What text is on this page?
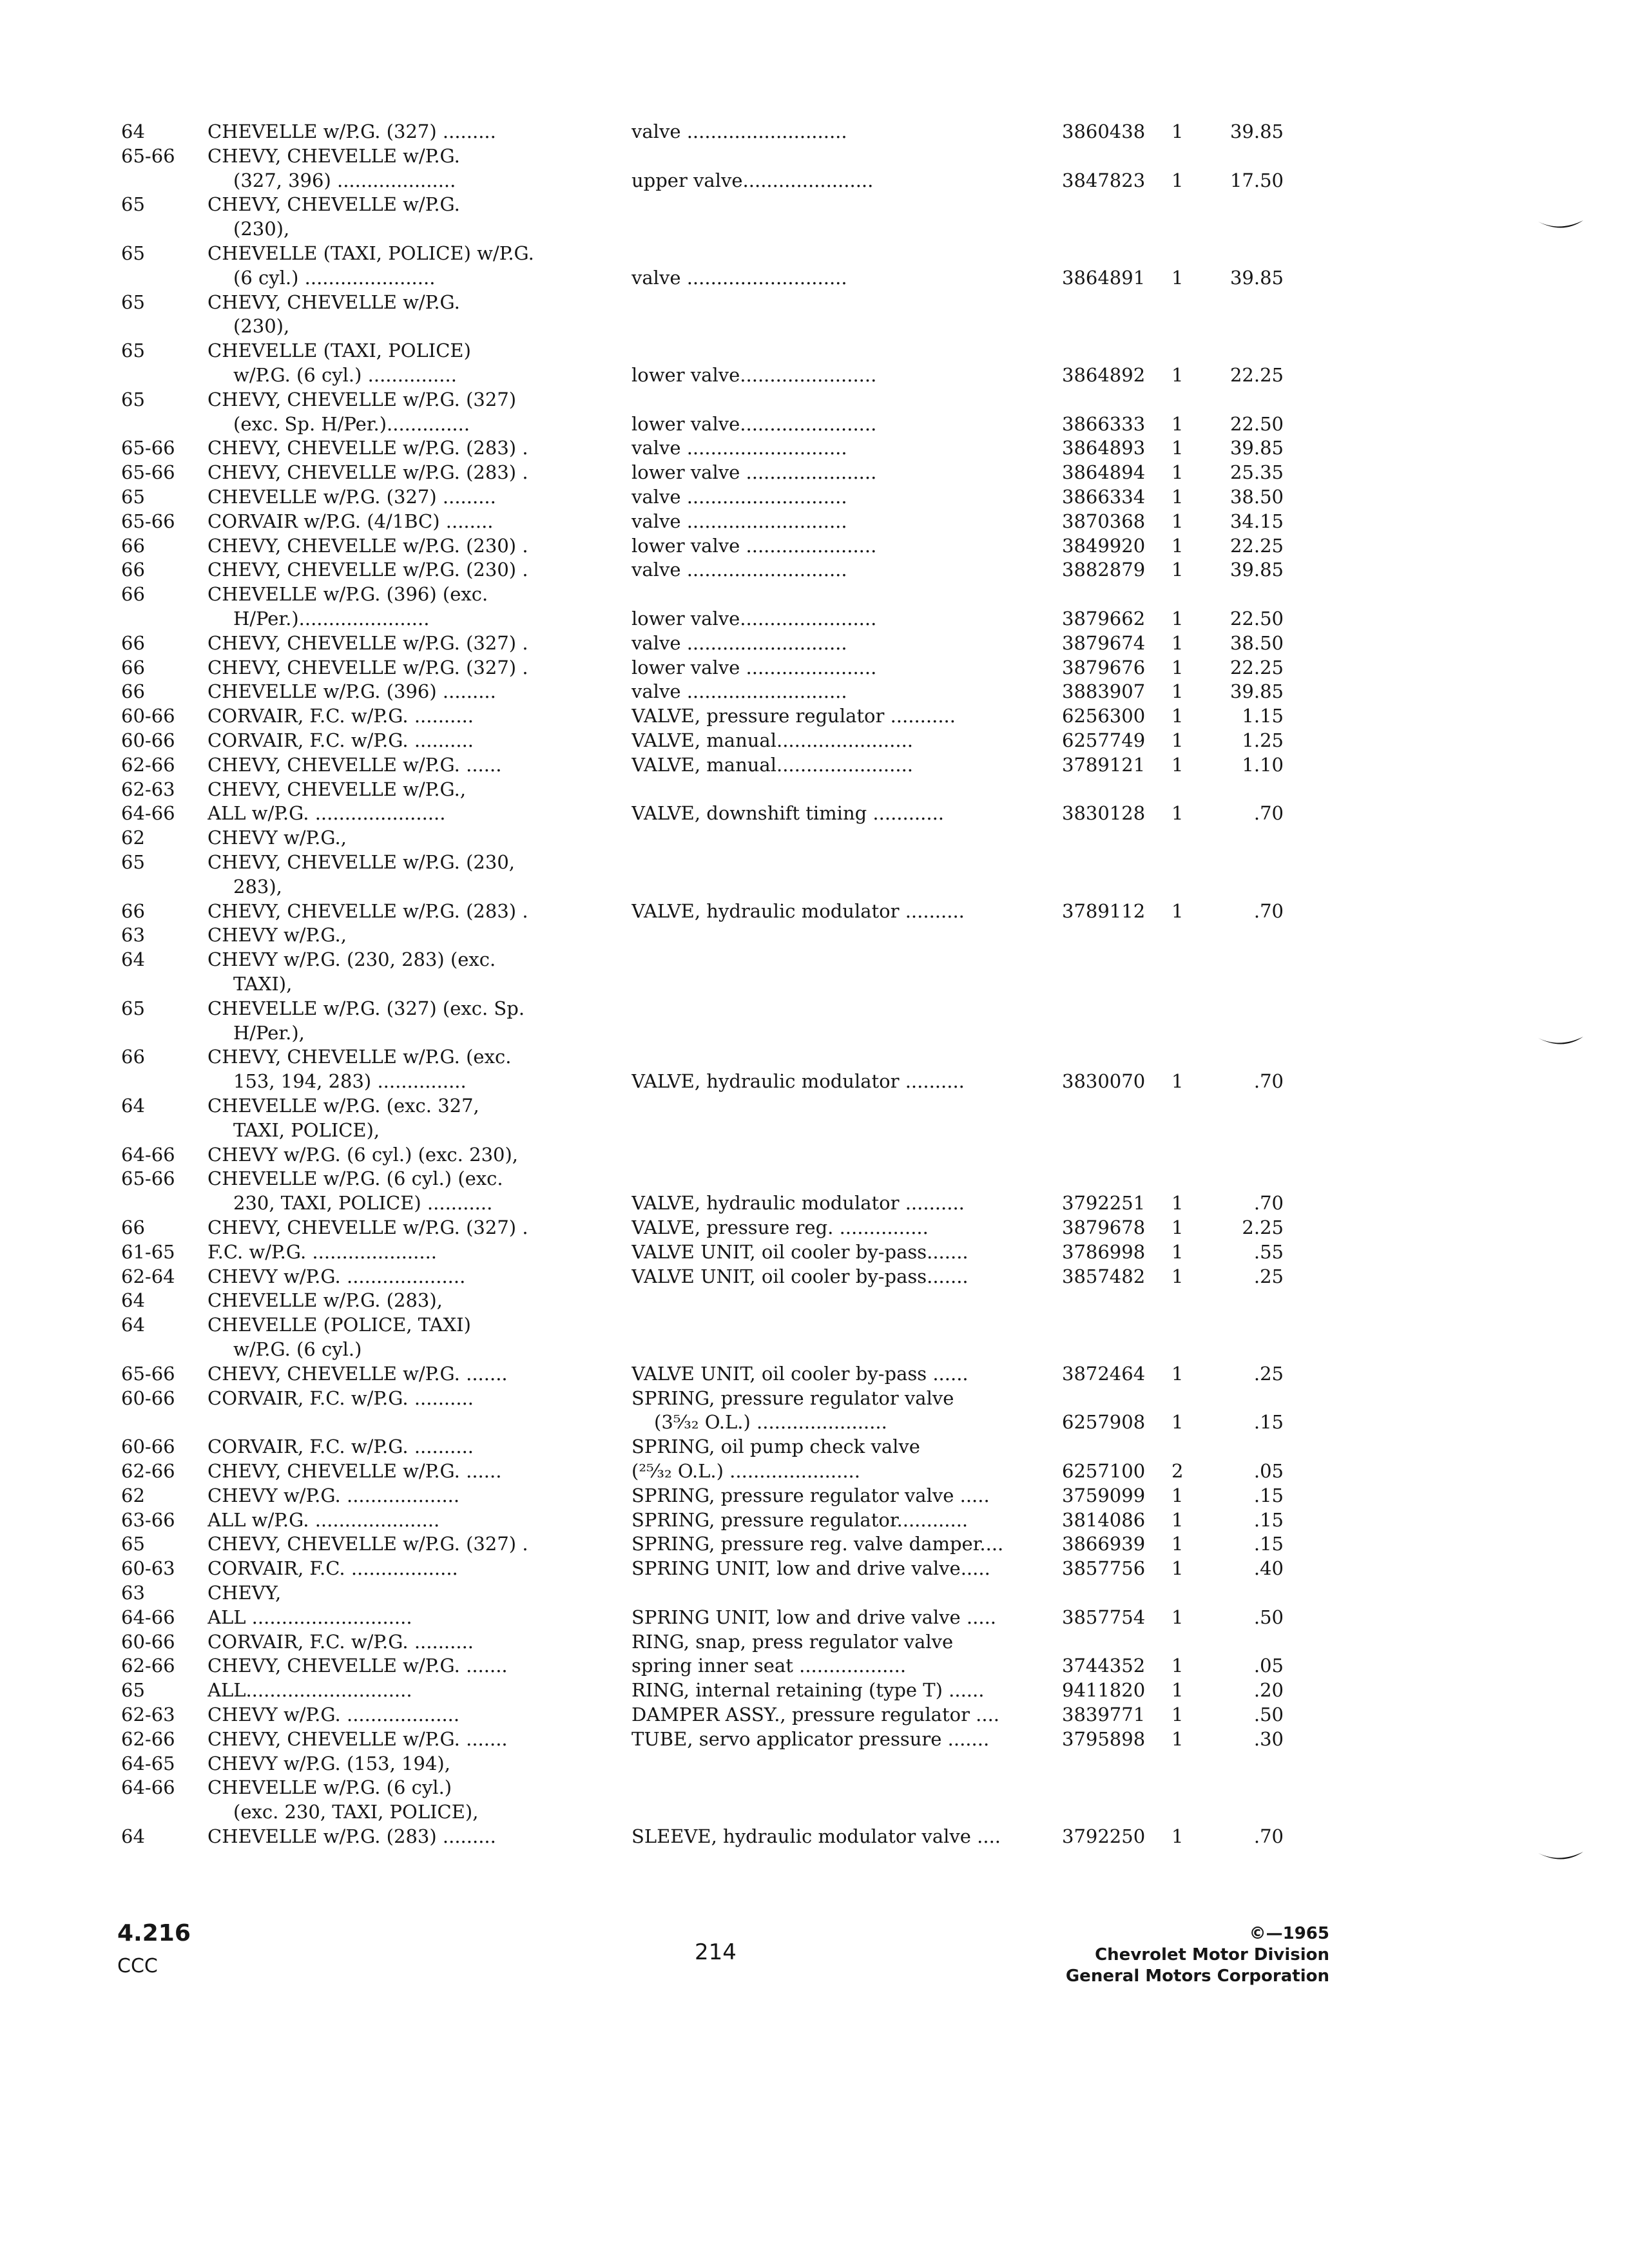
64	CHEVELLE w/P.G. (327) .........	valve ...........................	3860438 1	39.85
65-66 CHEVY, CHEVELLE w/P.G.
(327, 396) ....................	upper valve......................	3847823 1	17.50
65	CHEVY, CHEVELLE w/P.G.
(230),
65	CHEVELLE (TAXI, POLICE) w/P.G.
(6 cyl.) ......................	valve ...........................	3864891 1	39.85
65	CHEVY, CHEVELLE w/P.G.
(230),
65	CHEVELLE (TAXI, POLICE)
w/P.G. (6 cyl.) ...............	lower valve.......................	3864892 1	22.25
65	CHEVY, CHEVELLE w/P.G. (327)
(exc. Sp. H/Per.)..............	lower valve.......................	3866333 1	22.50
65-66 CHEVY, CHEVELLE w/P.G. (283) .	valve ...........................	3864893 1	39.85
65-66 CHEVY, CHEVELLE w/P.G. (283) .	lower valve ......................	3864894 1	25.35
65	CHEVELLE w/P.G. (327) .........	valve ...........................	3866334 1	38.50
65-66 CORVAIR w/P.G. (4/1BC) ........	valve ...........................	3870368 1	34.15
66	CHEVY, CHEVELLE w/P.G. (230) .	lower valve ......................	3849920 1	22.25
66	CHEVY, CHEVELLE w/P.G. (230) .	valve ...........................	3882879 1	39.85
66	CHEVELLE w/P.G. (396) (exc.
H/Per.)......................	lower valve.......................	3879662 1	22.50
66	CHEVY, CHEVELLE w/P.G. (327) .	valve ...........................	3879674 1	38.50
66	CHEVY, CHEVELLE w/P.G. (327) .	lower valve ......................	3879676 1	22.25
66	CHEVELLE w/P.G. (396) .........	valve ...........................	3883907 1	39.85
60-66 CORVAIR, F.C. w/P.G. ..........	VALVE, pressure regulator ...........	6256300 1	1.15
60-66 CORVAIR, F.C. w/P.G. ..........	VALVE, manual.......................	6257749 1	1.25
62-66 CHEVY, CHEVELLE w/P.G. ......	VALVE, manual.......................	3789121 1	1.10
62-63 CHEVY, CHEVELLE w/P.G.,
64-66 ALL w/P.G. ......................	VALVE, downshift timing ............	3830128 1	.70
62	CHEVY w/P.G.,
65	CHEVY, CHEVELLE w/P.G. (230,
283),
66	CHEVY, CHEVELLE w/P.G. (283) .	VALVE, hydraulic modulator ..........	3789112 1	.70
63	CHEVY w/P.G.,
64	CHEVY w/P.G. (230, 283) (exc.
TAXI),
65	CHEVELLE w/P.G. (327) (exc. Sp.
H/Per.),
66	CHEVY, CHEVELLE w/P.G. (exc.
153, 194, 283) ...............	VALVE, hydraulic modulator ..........	3830070 1	.70
64	CHEVELLE w/P.G. (exc. 327,
TAXI, POLICE),
64-66 CHEVY w/P.G. (6 cyl.) (exc. 230),
65-66 CHEVELLE w/P.G. (6 cyl.) (exc.
230, TAXI, POLICE) ...........	VALVE, hydraulic modulator ..........	3792251 1	.70
66	CHEVY, CHEVELLE w/P.G. (327) .	VALVE, pressure reg. ...............	3879678 1	2.25
61-65 F.C. w/P.G. .....................	VALVE UNIT, oil cooler by-pass.......	3786998 1	.55
62-64 CHEVY w/P.G. ....................	VALVE UNIT, oil cooler by-pass.......	3857482 1	.25
64	CHEVELLE w/P.G. (283),
64	CHEVELLE (POLICE, TAXI)
w/P.G. (6 cyl.)
65-66 CHEVY, CHEVELLE w/P.G. .......	VALVE UNIT, oil cooler by-pass ......	3872464 1	.25
60-66 CORVAIR, F.C. w/P.G. ..........	SPRING, pressure regulator valve
(3⁵⁄₃₂ O.L.) ......................	6257908 1	.15
60-66 CORVAIR, F.C. w/P.G. ..........	SPRING, oil pump check valve
62-66 CHEVY, CHEVELLE w/P.G. ......	(²⁵⁄₃₂ O.L.) ......................	6257100 2	.05
62	CHEVY w/P.G. ...................	SPRING, pressure regulator valve .....	3759099 1	.15
63-66 ALL w/P.G. .....................	SPRING, pressure regulator............	3814086 1	.15
65	CHEVY, CHEVELLE w/P.G. (327) .	SPRING, pressure reg. valve damper....	3866939 1	.15
60-63 CORVAIR, F.C. ..................	SPRING UNIT, low and drive valve.....	3857756 1	.40
63	CHEVY,
64-66 ALL ...........................	SPRING UNIT, low and drive valve .....	3857754 1	.50
60-66 CORVAIR, F.C. w/P.G. ..........	RING, snap, press regulator valve
62-66 CHEVY, CHEVELLE w/P.G. .......	spring inner seat ..................	3744352 1	.05
65	ALL............................	RING, internal retaining (type T) ......	9411820 1	.20
62-63 CHEVY w/P.G. ...................	DAMPER ASSY., pressure regulator ....	3839771 1	.50
62-66 CHEVY, CHEVELLE w/P.G. .......	TUBE, servo applicator pressure .......	3795898 1	.30
64-65 CHEVY w/P.G. (153, 194),
64-66 CHEVELLE w/P.G. (6 cyl.)
(exc. 230, TAXI, POLICE),
64	CHEVELLE w/P.G. (283) .........	SLEEVE, hydraulic modulator valve ....	3792250 1	.70
4.216
CCC
214
©—1965
Chevrolet Motor Division
General Motors Corporation
